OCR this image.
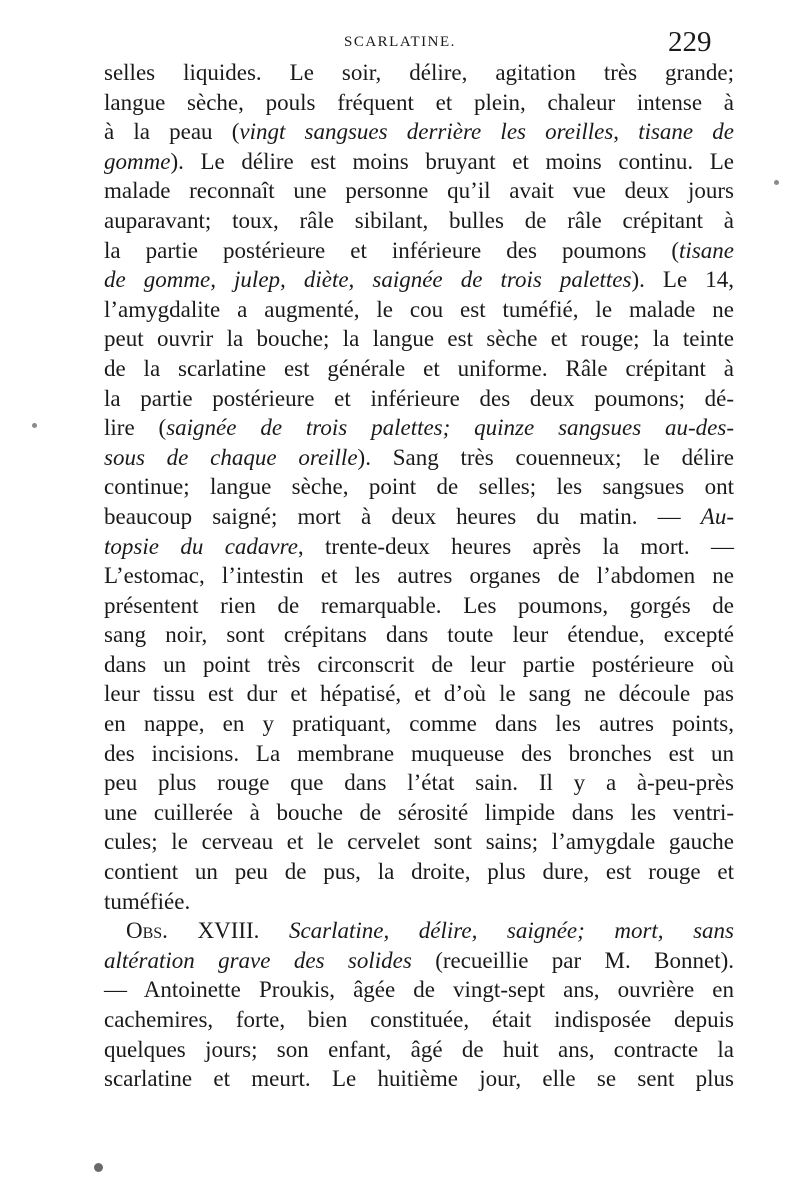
SCARLATINE.	229
selles liquides. Le soir, délire, agitation très grande;
langue sèche, pouls fréquent et plein, chaleur intense à
à la peau (vingt sangsues derrière les oreilles, tisane de
gomme). Le délire est moins bruyant et moins continu. Le
malade reconnaît une personne qu’il avait vue deux jours
auparavant; toux, râle sibilant, bulles de râle crépitant à
la partie postérieure et inférieure des poumons (tisane
de gomme, julep, diète, saignée de trois palettes). Le 14,
l’amygdalite a augmenté, le cou est tuméfié, le malade ne
peut ouvrir la bouche; la langue est sèche et rouge; la teinte
de la scarlatine est générale et uniforme. Râle crépitant à
la partie postérieure et inférieure des deux poumons; dé-
lire (saignée de trois palettes; quinze sangsues au-des-
sous de chaque oreille). Sang très couenneux; le délire
continue; langue sèche, point de selles; les sangsues ont
beaucoup saigné; mort à deux heures du matin. — Au-
topsie du cadavre, trente-deux heures après la mort. —
L’estomac, l’intestin et les autres organes de l’abdomen ne
présentent rien de remarquable. Les poumons, gorgés de
sang noir, sont crépitans dans toute leur étendue, excepté
dans un point très circonscrit de leur partie postérieure où
leur tissu est dur et hépatisé, et d’où le sang ne découle pas
en nappe, en y pratiquant, comme dans les autres points,
des incisions. La membrane muqueuse des bronches est un
peu plus rouge que dans l’état sain. Il y a à-peu-près
une cuillerée à bouche de sérosité limpide dans les ventri-
cules; le cerveau et le cervelet sont sains; l’amygdale gauche
contient un peu de pus, la droite, plus dure, est rouge et
tuméfiée.
Obs. XVIII. Scarlatine, délire, saignée; mort, sans
altération grave des solides (recueillie par M. Bonnet).
— Antoinette Proukis, âgée de vingt-sept ans, ouvrière en
cachemires, forte, bien constituée, était indisposée depuis
quelques jours; son enfant, âgé de huit ans, contracte la
scarlatine et meurt. Le huitième jour, elle se sent plus
